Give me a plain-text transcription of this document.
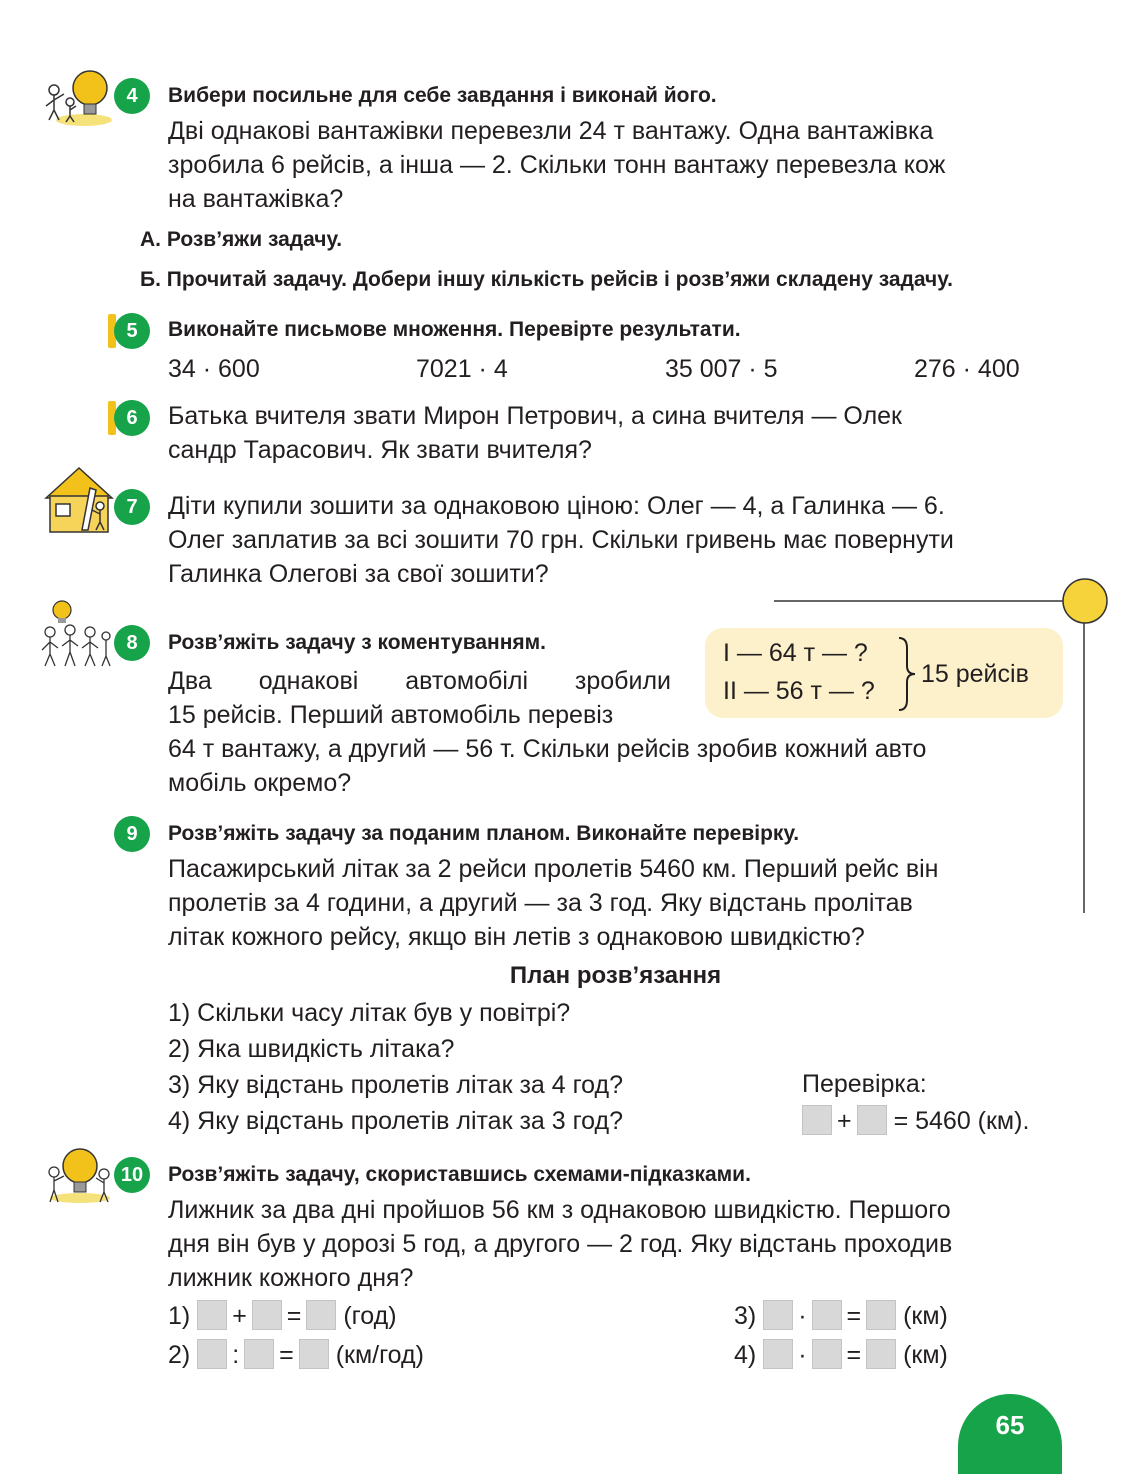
4	Вибери посильне для себе завдання і виконай його.
Дві однакові вантажівки перевезли 24 т вантажу. Одна вантажівка
зробила 6 рейсів, а інша — 2. Скільки тонн вантажу перевезла кож
на вантажівка?
А. Розв’яжи задачу.
Б. Прочитай задачу. Добери іншу кількість рейсів і розв’яжи складену задачу.
5	Виконайте письмове множення. Перевірте результати.
34 · 600	7021 · 4	35 007 · 5	276 · 400
6	Батька вчителя звати Мирон Петрович, а сина вчителя — Олек
сандр Тарасович. Як звати вчителя?
7	Діти купили зошити за однаковою ціною: Олег — 4, а Галинка — 6.
Олег заплатив за всі зошити 70 грн. Скільки гривень має повернути
Галинка Олегові за свої зошити?
8	Розв’яжіть задачу з коментуванням.
Два однакові автомобілі зробили
15 рейсів. Перший автомобіль перевіз
64 т вантажу, а другий — 56 т. Скільки рейсів зробив кожний авто
мобіль окремо?
I — 64 т — ?
II — 56 т — ?
15 рейсів
9	Розв’яжіть задачу за поданим планом. Виконайте перевірку.
Пасажирський літак за 2 рейси пролетів 5460 км. Перший рейс він
пролетів за 4 години, а другий — за 3 год. Яку відстань пролітав
літак кожного рейсу, якщо він летів з однаковою швидкістю?
План розв’язання
1) Скільки часу літак був у повітрі?
2) Яка швидкість літака?
3) Яку відстань пролетів літак за 4 год?
4) Яку відстань пролетів літак за 3 год?
Перевірка:
+ = 5460 (км).
10	Розв’яжіть задачу, скориставшись схемами-підказками.
Лижник за два дні пройшов 56 км з однаковою швидкістю. Першого
дня він був у дорозі 5 год, а другого — 2 год. Яку відстань проходив
лижник кожного дня?
1) + = (год)
2) : = (км/год)
3) · = (км)
4) · = (км)
65
